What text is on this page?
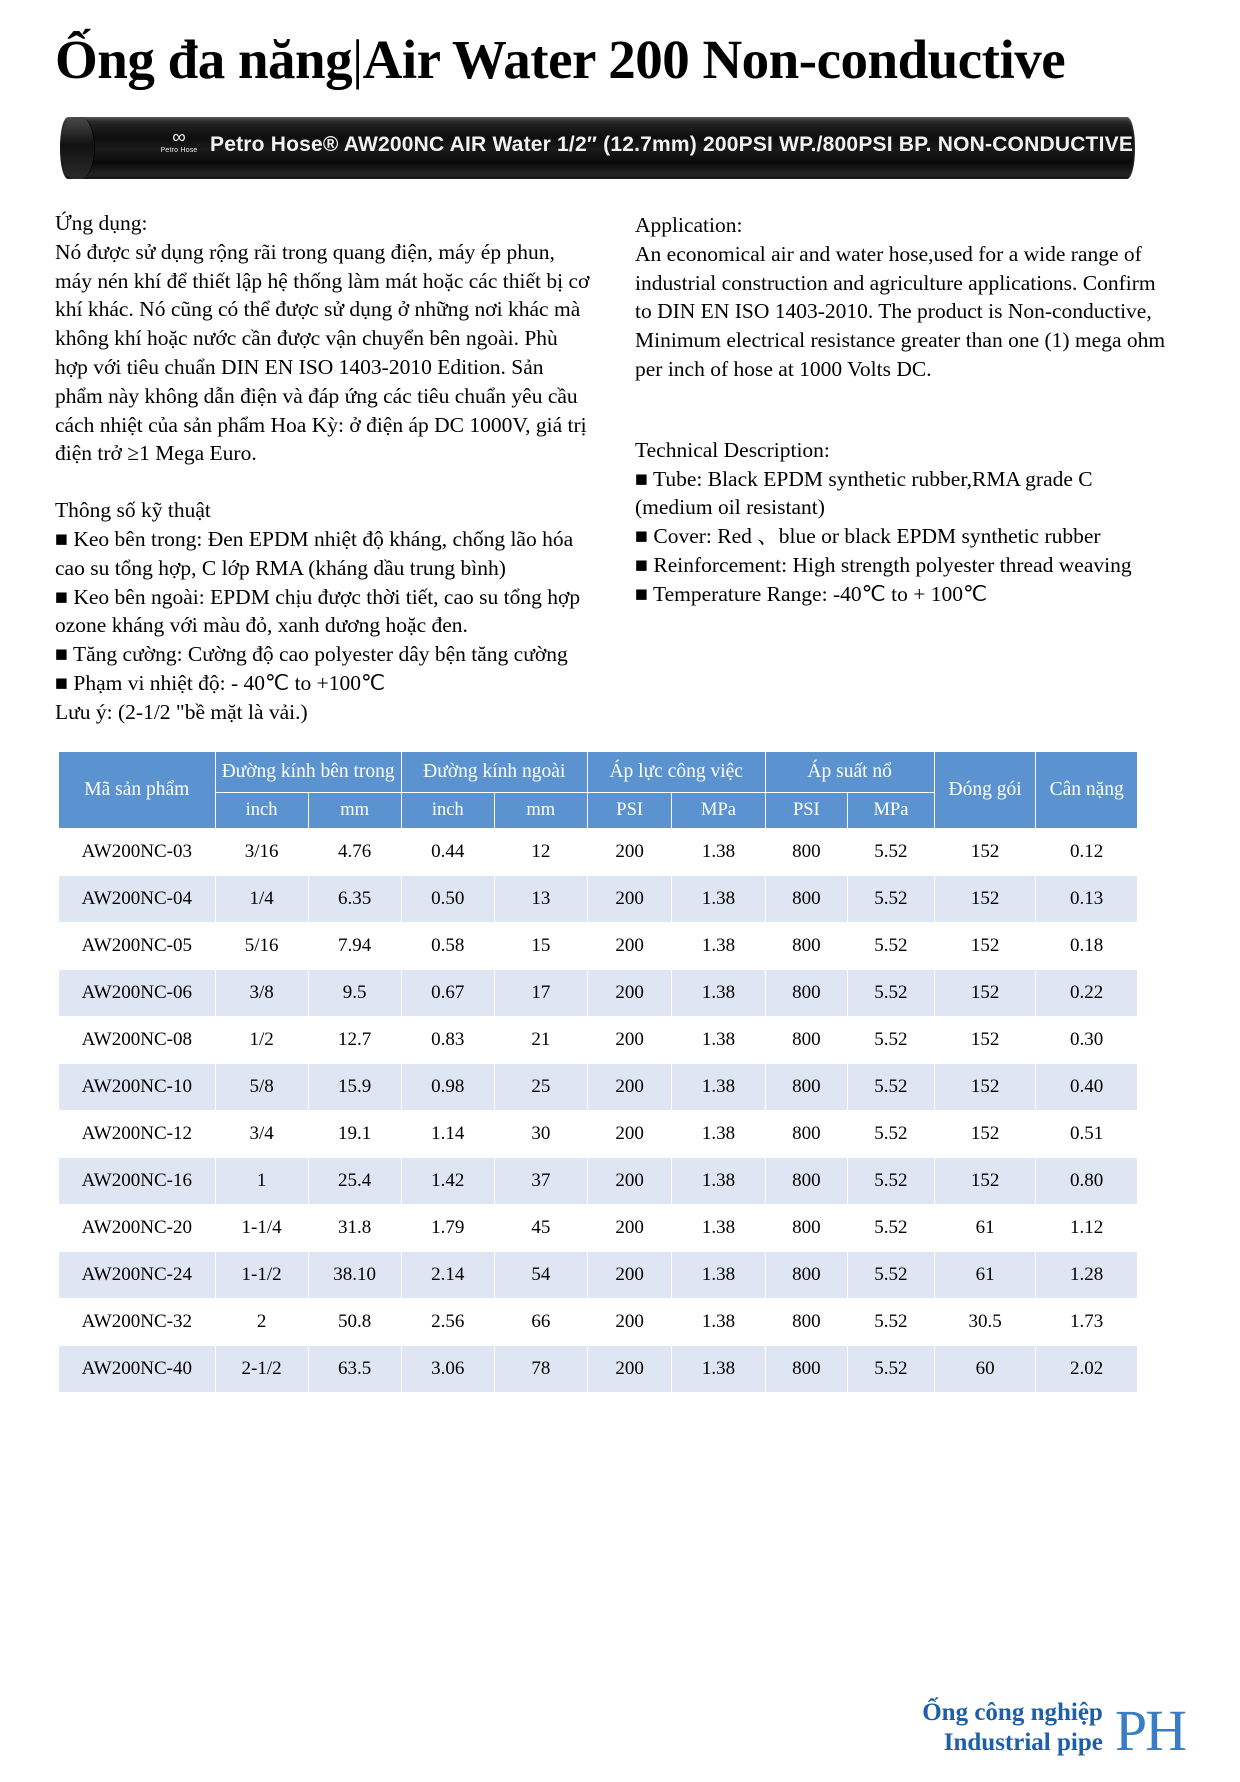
Ống đa năng|Air Water 200 Non-conductive
∞
Petro Hose Petro Hose® AW200NC AIR Water 1/2″ (12.7mm) 200PSI WP./800PSI BP. NON-CONDUCTIVE

Ứng dụng:

Nó được sử dụng rộng rãi trong quang điện, máy ép phun, máy nén khí để thiết lập hệ thống làm mát hoặc các thiết bị cơ khí khác. Nó cũng có thể được sử dụng ở những nơi khác mà không khí hoặc nước cần được vận chuyển bên ngoài. Phù hợp với tiêu chuẩn DIN EN ISO 1403-2010 Edition. Sản phẩm này không dẫn điện và đáp ứng các tiêu chuẩn yêu cầu cách nhiệt của sản phẩm Hoa Kỳ: ở điện áp DC 1000V, giá trị điện trở ≥1 Mega Euro.

Thông số kỹ thuật

■ Keo bên trong: Đen EPDM nhiệt độ kháng, chống lão hóa cao su tổng hợp, C lớp RMA (kháng dầu trung bình)

■ Keo bên ngoài: EPDM chịu được thời tiết, cao su tổng hợp ozone kháng với màu đỏ, xanh dương hoặc đen.

■ Tăng cường: Cường độ cao polyester dây bện tăng cường

■ Phạm vi nhiệt độ: - 40℃ to +100℃

Lưu ý: (2-1/2 "bề mặt là vải.)

Application:

An economical air and water hose,used for a wide range of industrial construction and agriculture applications. Confirm to DIN EN ISO 1403-2010. The product is Non-conductive, Minimum electrical resistance greater than one (1) mega ohm per inch of hose at 1000 Volts DC.

Technical Description:

■ Tube: Black EPDM synthetic rubber,RMA grade C (medium oil resistant)

■ Cover: Red 、blue or black EPDM synthetic rubber

■ Reinforcement: High strength polyester thread weaving

■ Temperature Range: -40℃ to + 100℃

Mã sản phẩm	Đường kính bên trong		Đường kính ngoài		Áp lực công việc		Áp suất nổ		Đóng gói	Cân nặng
	inch	mm	inch	mm	PSI	MPa	PSI	MPa		
AW200NC-03	3/16	4.76	0.44	12	200	1.38	800	5.52	152	0.12
AW200NC-04	1/4	6.35	0.50	13	200	1.38	800	5.52	152	0.13
AW200NC-05	5/16	7.94	0.58	15	200	1.38	800	5.52	152	0.18
AW200NC-06	3/8	9.5	0.67	17	200	1.38	800	5.52	152	0.22
AW200NC-08	1/2	12.7	0.83	21	200	1.38	800	5.52	152	0.30
AW200NC-10	5/8	15.9	0.98	25	200	1.38	800	5.52	152	0.40
AW200NC-12	3/4	19.1	1.14	30	200	1.38	800	5.52	152	0.51
AW200NC-16	1	25.4	1.42	37	200	1.38	800	5.52	152	0.80
AW200NC-20	1-1/4	31.8	1.79	45	200	1.38	800	5.52	61	1.12
AW200NC-24	1-1/2	38.10	2.14	54	200	1.38	800	5.52	61	1.28
AW200NC-32	2	50.8	2.56	66	200	1.38	800	5.52	30.5	1.73
AW200NC-40	2-1/2	63.5	3.06	78	200	1.38	800	5.52	60	2.02
Ống công nghiệp
Industrial pipe PH
